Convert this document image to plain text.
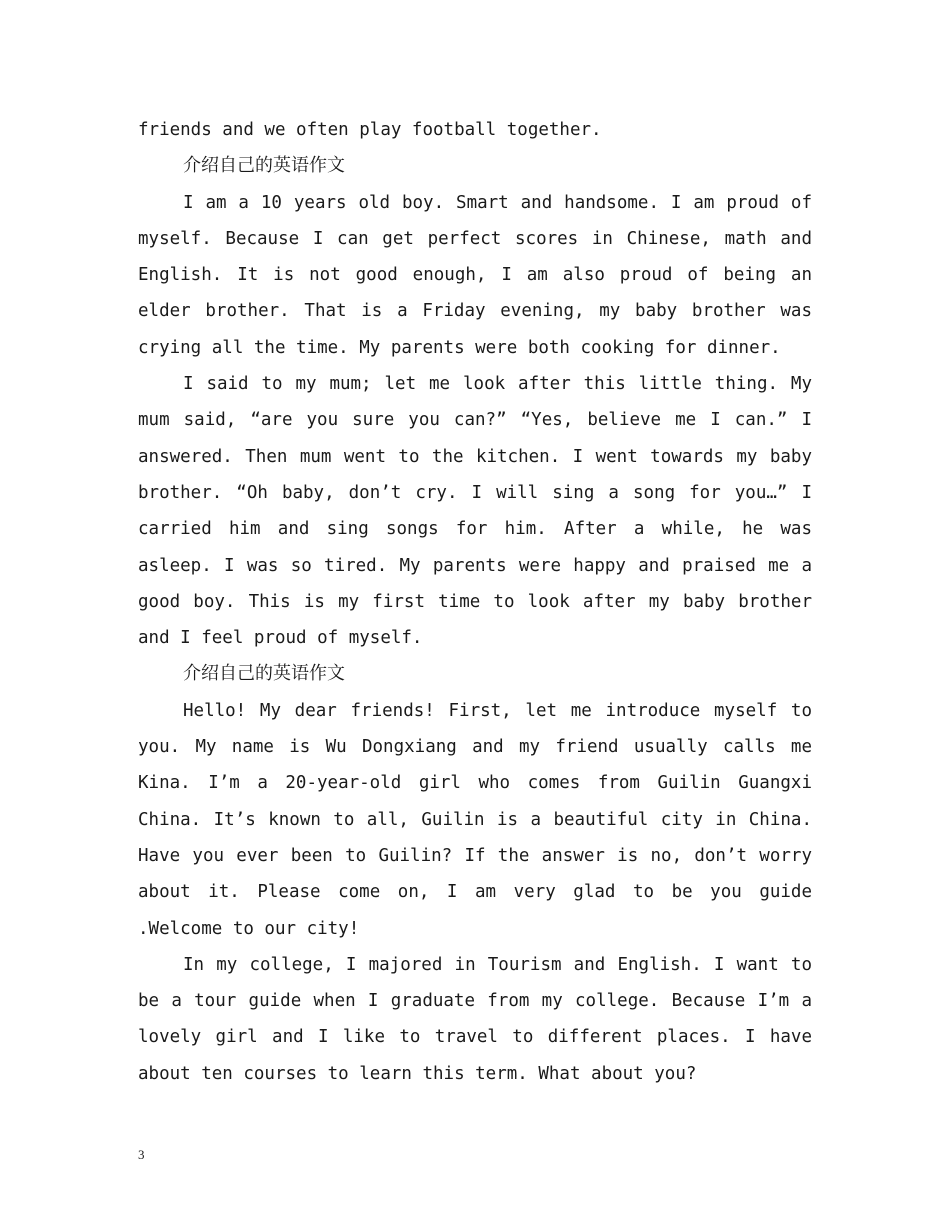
friends and we often play football together.

介绍自己的英语作文

I am a 10 years old boy. Smart and handsome. I am proud of myself. Because I can get perfect scores in Chinese, math and English. It is not good enough, I am also proud of being an elder brother. That is a Friday evening, my baby brother was crying all the time. My parents were both cooking for dinner.

I said to my mum; let me look after this little thing. My mum said, “are you sure you can?” “Yes, believe me I can.” I answered. Then mum went to the kitchen. I went towards my baby brother. “Oh baby, don’t cry. I will sing a song for you…” I carried him and sing songs for him. After a while, he was asleep. I was so tired. My parents were happy and praised me a good boy. This is my first time to look after my baby brother and I feel proud of myself.

介绍自己的英语作文

Hello! My dear friends! First, let me introduce myself to you. My name is Wu Dongxiang and my friend usually calls me Kina. I’m a 20-year-old girl who comes from Guilin Guangxi China. It’s known to all, Guilin is a beautiful city in China. Have you ever been to Guilin? If the answer is no, don’t worry about it. Please come on, I am very glad to be you guide .Welcome to our city!

In my college, I majored in Tourism and English. I want to be a tour guide when I graduate from my college. Because I’m a lovely girl and I like to travel to different places. I have about ten courses to learn this term. What about you?

3
